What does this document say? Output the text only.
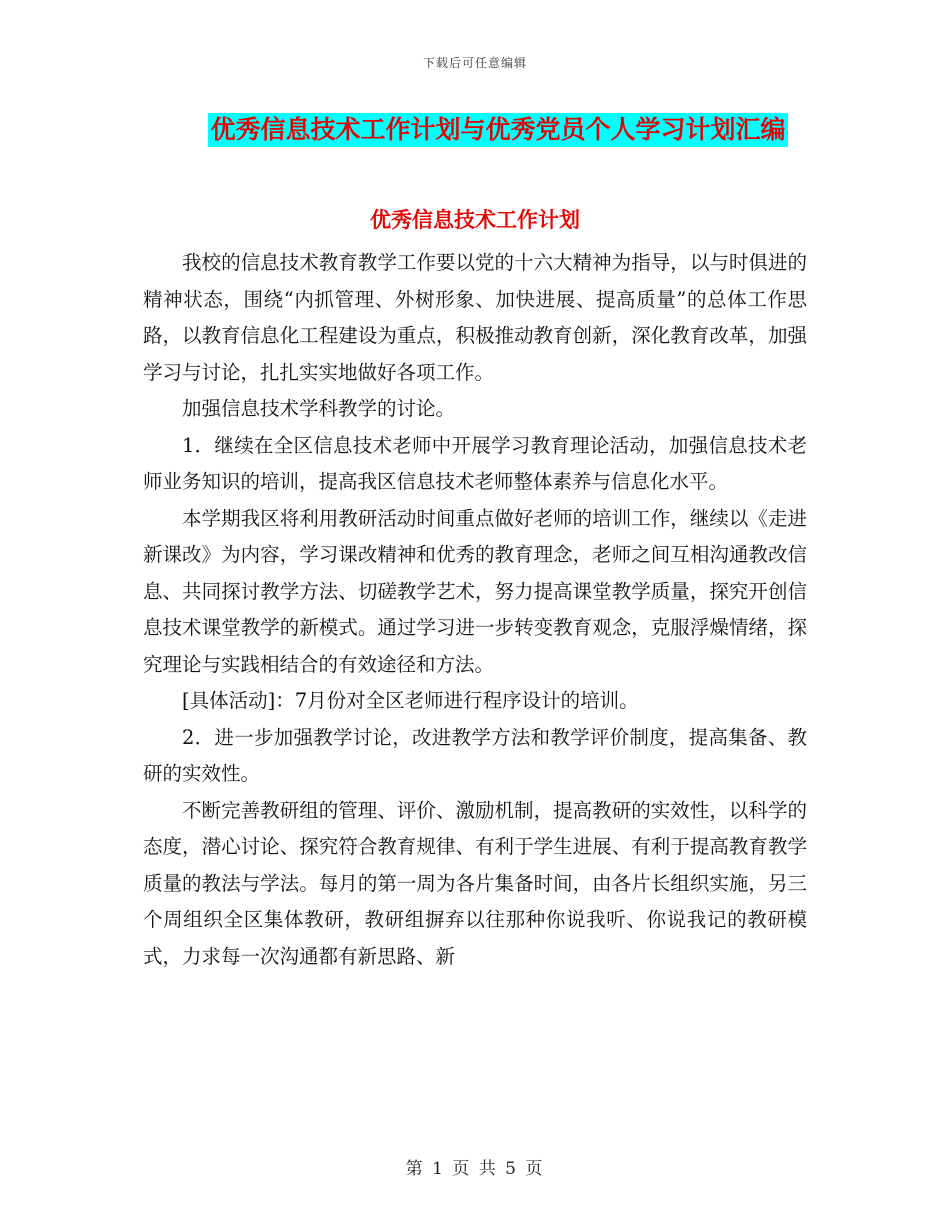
下载后可任意编辑
优秀信息技术工作计划与优秀党员个人学习计划汇编
优秀信息技术工作计划

我校的信息技术教育教学工作要以党的十六大精神为指导，以与时俱进的精神状态，围绕“内抓管理、外树形象、加快进展、提高质量”的总体工作思路，以教育信息化工程建设为重点，积极推动教育创新，深化教育改革，加强学习与讨论，扎扎实实地做好各项工作。

加强信息技术学科教学的讨论。

1．继续在全区信息技术老师中开展学习教育理论活动，加强信息技术老师业务知识的培训，提高我区信息技术老师整体素养与信息化水平。

本学期我区将利用教研活动时间重点做好老师的培训工作，继续以《走进新课改》为内容，学习课改精神和优秀的教育理念，老师之间互相沟通教改信息、共同探讨教学方法、切磋教学艺术，努力提高课堂教学质量，探究开创信息技术课堂教学的新模式。通过学习进一步转变教育观念，克服浮燥情绪，探究理论与实践相结合的有效途径和方法。

[具体活动]：7月份对全区老师进行程序设计的培训。

2．进一步加强教学讨论，改进教学方法和教学评价制度，提高集备、教研的实效性。

不断完善教研组的管理、评价、激励机制，提高教研的实效性，以科学的态度，潜心讨论、探究符合教育规律、有利于学生进展、有利于提高教育教学质量的教法与学法。每月的第一周为各片集备时间，由各片长组织实施，另三个周组织全区集体教研，教研组摒弃以往那种你说我听、你说我记的教研模式，力求每一次沟通都有新思路、新

第 1 页 共 5 页
